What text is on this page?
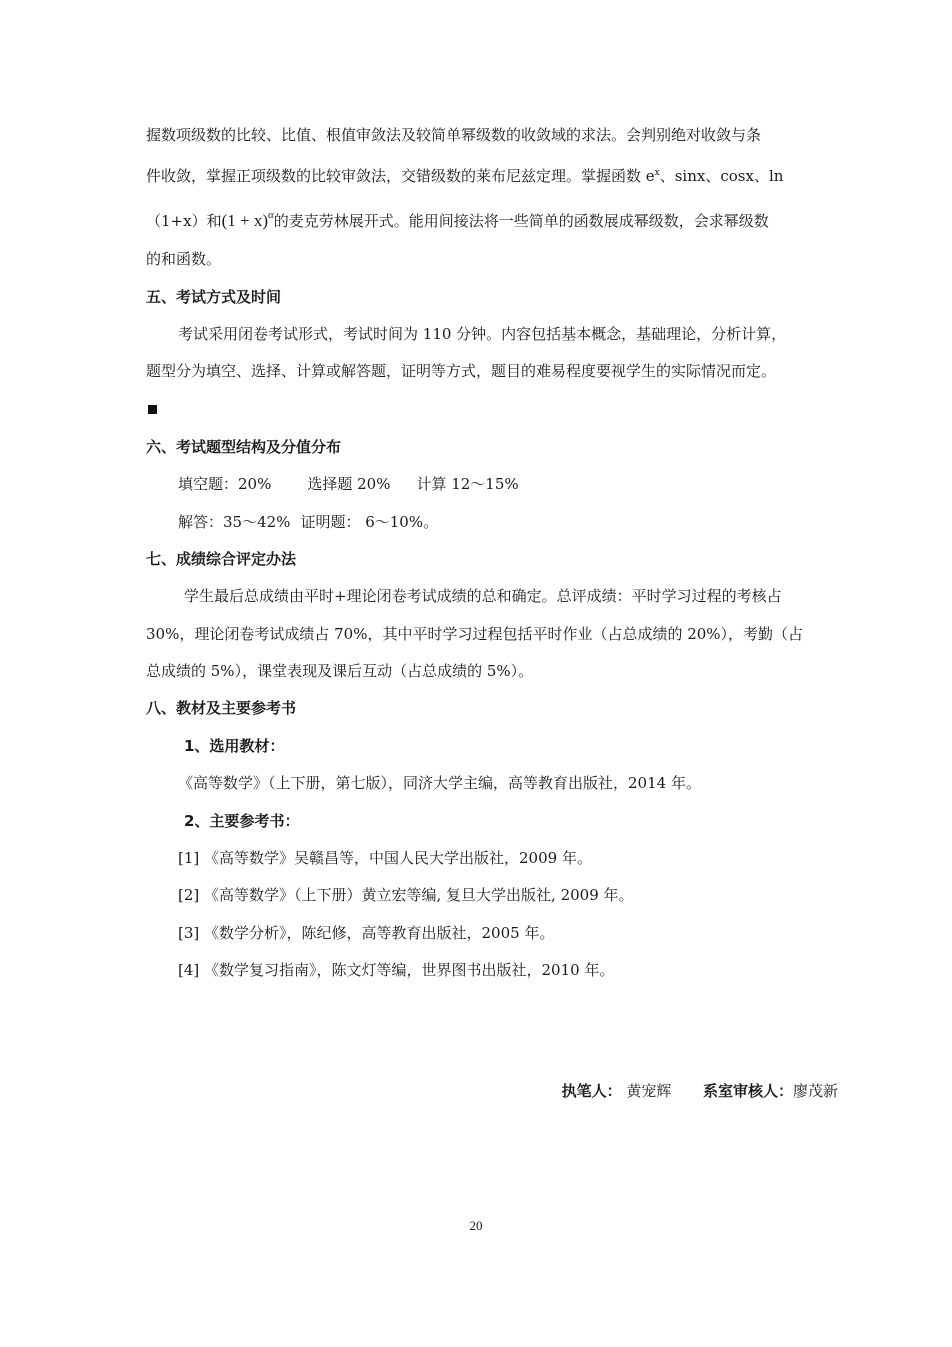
握数项级数的比较、比值、根值审敛法及较简单幂级数的收敛域的求法。会判别绝对收敛与条
件收敛，掌握正项级数的比较审敛法，交错级数的莱布尼兹定理。掌握函数 $e^x$、sinx、cosx、ln
（1+x）和$(1 + x)^\alpha$的麦克劳林展开式。能用间接法将一些简单的函数展成幂级数，会求幂级数
的和函数。
五、考试方式及时间
考试采用闭卷考试形式，考试时间为 110 分钟。内容包括基本概念，基础理论，分析计算，
题型分为填空、选择、计算或解答题，证明等方式，题目的难易程度要视学生的实际情况而定。
六、考试题型结构及分值分布
填空题：20% 选择题 20% 计算 12～15%
解答：35～42% 证明题： 6～10%。
七、成绩综合评定办法
学生最后总成绩由平时+理论闭卷考试成绩的总和确定。总评成绩：平时学习过程的考核占
30%，理论闭卷考试成绩占 70%，其中平时学习过程包括平时作业（占总成绩的 20%），考勤（占
总成绩的 5%），课堂表现及课后互动（占总成绩的 5%）。
八、教材及主要参考书
1、选用教材：
《高等数学》（上下册，第七版），同济大学主编，高等教育出版社，2014 年。
2、主要参考书：
[1] 《高等数学》吴赣昌等，中国人民大学出版社，2009 年。
[2] 《高等数学》（上下册）黄立宏等编, 复旦大学出版社, 2009 年。
[3] 《数学分析》，陈纪修，高等教育出版社，2005 年。
[4] 《数学复习指南》，陈文灯等编，世界图书出版社，2010 年。
执笔人： 黄宠辉 系室审核人：廖茂新
20
